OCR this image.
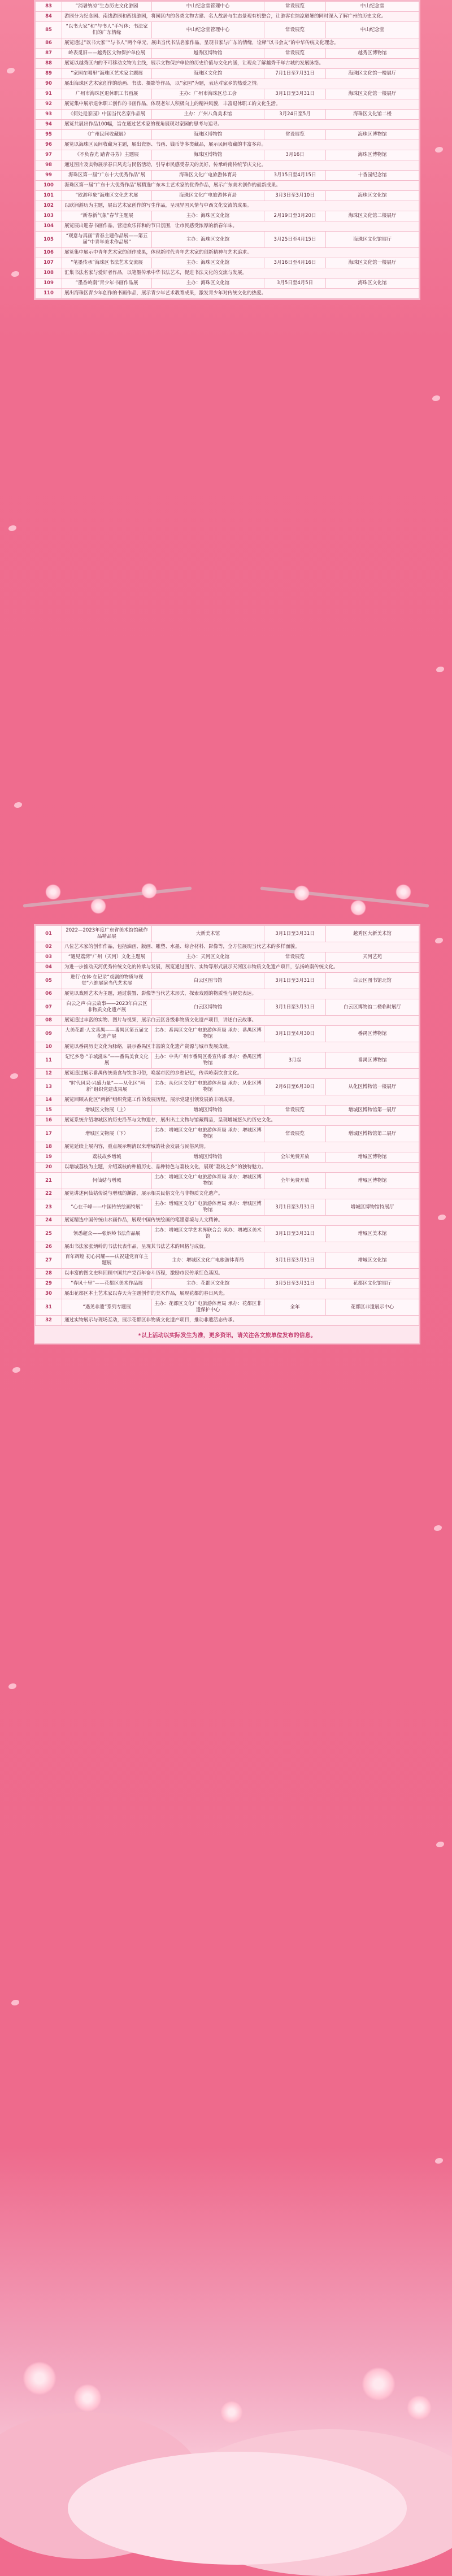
83	“消暑纳凉”生态历史文化游园	中山纪念堂管理中心	常设展览	中山纪念堂
84	游园分为纪念园、南线游园和西线游园，将园区内的各类文物古建、名人故居与生态景观有机整合，让游客在纳凉避暑的同时深入了解广州的历史文化。			
85	“以书大家”和“与书人”手写体：书法家们的广东情缘	中山纪念堂管理中心	常设展览	中山纪念堂
86	展览通过“以书大家”“与书人”两个单元，展出当代书法名家作品，呈现书家与广东的情缘，诠释“以书会友”的中华传统文化理念。			
87	岭表觅旧——越秀区文物保护单位展	越秀区博物馆	常设展览	越秀区博物馆
88	展览以越秀区内的不可移动文物为主线，展示文物保护单位的历史价值与文化内涵，让观众了解越秀千年古城的发展脉络。			
89	“家园在哪里”海珠区艺术家主题展	海珠区文化馆	7月1日至7月31日	海珠区文化馆一楼展厅
90	展出海珠区艺术家创作的绘画、书法、摄影等作品，以“家园”为题，表达对家乡的热爱之情。			
91	广州市海珠区退休职工书画展	主办：广州市海珠区总工会	3月1日至3月31日	海珠区文化馆一楼展厅
92	展览集中展示退休职工创作的书画作品，体现老年人积极向上的精神风貌，丰富退休职工的文化生活。			
93	《何处是家园》中国当代名家作品展	主办：广州八角美术馆	3月24日至5月	海珠区文化馆二楼
94	展览共展出作品100幅，旨在通过艺术家的视角展现对家园的思考与追寻。			
95	《广州民间收藏展》	海珠区博物馆	常设展览	海珠区博物馆
96	展览以海珠区民间收藏为主题，展出瓷器、书画、钱币等多类藏品，展示民间收藏的丰富多彩。			
97	《不负春光 踏青寻芳》主题展	海珠区博物馆	3月16日	海珠区博物馆
98	通过图片及实物展示春日风光与民俗活动，引导市民感受春天的美好，传承岭南传统节庆文化。			
99	海珠区第一届“广东十大优秀作品”展	海珠区文化广电旅游体育局	3月15日至4月15日	十香园纪念馆
100	海珠区第一届“广东十大优秀作品”展精选广东本土艺术家的优秀作品，展示广东美术创作的最新成果。			
101	“欧游印象”海珠区文化艺术展	海珠区文化广电旅游体育局	3月3日至3月10日	海珠区文化馆
102	以欧洲游历为主题，展出艺术家创作的写生作品，呈现异国风情与中西文化交流的成果。			
103	“新春新气象”春节主题展	主办：海珠区文化馆	2月19日至3月20日	海珠区文化馆二楼展厅
104	展览展出迎春书画作品，营造欢乐祥和的节日氛围，让市民感受浓厚的新春年味。			
105	“观意与真画”青春主题作品展——第五届“中青年美术作品展”	主办：海珠区文化馆	3月25日至4月15日	海珠区文化馆展厅
106	展览集中展示中青年艺术家的创作成果，体现新时代青年艺术家的创新精神与艺术追求。			
107	“笔墨传承”海珠区书法艺术交流展	主办：海珠区文化馆	3月16日至4月16日	海珠区文化馆一楼展厅
108	汇集书法名家与爱好者作品，以笔墨传承中华书法艺术，促进书法文化的交流与发展。			
109	“墨香岭南”青少年书画作品展	主办：海珠区文化馆	3月5日至4月5日	海珠区文化馆
110	展出海珠区青少年创作的书画作品，展示青少年艺术教育成果，激发青少年对传统文化的热爱。			
01	2022—2023年度广东省美术馆馆藏作品精品展	大新美术馆	3月1日至3月31日	越秀区大新美术馆
02	八位艺术家的创作作品，包括油画、版画、雕塑、水墨、综合材料、影像等，全方位展现当代艺术的多样面貌。			
03	“遇见荔湾”广州（天河）文化主题展	主办：天河区文化馆	常设展览	天河艺苑
04	为进一步推动天河优秀传统文化的传承与发展，展览通过图片、实物等形式展示天河区非物质文化遗产项目，弘扬岭南传统文化。			
05	进行·在体·在记录“戏剧的物质与视觉”六维展演当代艺术展	白云区图书馆	3月1日至3月31日	白云区图书馆北馆
06	展览以戏剧艺术为主题，通过装置、影像等当代艺术形式，探索戏剧的物质性与视觉表达。			
07	白云之声·白云故事——2023年白云区非物质文化遗产展	白云区博物馆	3月1日至3月31日	白云区博物馆二楼临时展厅
08	展览通过丰富的实物、图片与视频，展示白云区各级非物质文化遗产项目，讲述白云故事。			
09	大美花都·人文番禺——番禺区第五届文化遗产展	主办：番禺区文化广电旅游体育局 承办：番禺区博物馆	3月1日至4月30日	番禺区博物馆
10	展览以番禺历史文化为脉络，展示番禺区丰富的文化遗产资源与城市发展成就。			
11	记忆乡愁·“羊城滋味”——番禺美食文化展	主办：中共广州市番禺区委宣传部 承办：番禺区博物馆	3月起	番禺区博物馆
12	展览通过展示番禺传统美食与饮食习俗，唤起市民的乡愁记忆，传承岭南饮食文化。			
13	“时代风采·兴盛力量”——从化区“两新”组织党建成果展	主办：从化区文化广电旅游体育局 承办：从化区博物馆	2月6日至6月30日	从化区博物馆一楼展厅
14	展览回顾从化区“两新”组织党建工作的发展历程，展示党建引领发展的丰硕成果。			
15	增城区文物展（上）	增城区博物馆	常设展览	增城区博物馆第一展厅
16	展览系统介绍增城区的历史沿革与文物遗存，展出出土文物与馆藏精品，呈现增城悠久的历史文化。			
17	增城区文物展（下）	主办：增城区文化广电旅游体育局 承办：增城区博物馆	常设展览	增城区博物馆第二展厅
18	展览延续上展内容，重点展示明清以来增城的社会发展与民俗风情。			
19	荔枝故乡增城	增城区博物馆	全年免费开放	增城区博物馆
20	以增城荔枝为主题，介绍荔枝的种植历史、品种特色与荔枝文化，展现“荔枝之乡”的独特魅力。			
21	何仙姑与增城	主办：增城区文化广电旅游体育局 承办：增城区博物馆	全年免费开放	增城区博物馆
22	展览讲述何仙姑传说与增城的渊源，展示相关民俗文化与非物质文化遗产。			
23	“心在千峰——中国传统绘画特展”	主办：增城区文化广电旅游体育局 承办：增城区博物馆	3月1日至3月31日	增城区博物馆特展厅
24	展览精选中国传统山水画作品，展现中国传统绘画的笔墨意境与人文精神。			
25	领悉超众——张炳岭书法作品展	主办：增城区文学艺术界联合会 承办：增城区美术馆	3月1日至3月31日	增城区美术馆
26	展出书法家张炳岭的书法代表作品，呈现其书法艺术的风格与成就。			
27	百年辉煌 初心闪耀——庆祝建党百年主题展	主办：增城区文化广电旅游体育局	3月1日至3月31日	增城区文化馆
28	以丰富的图文史料回顾中国共产党百年奋斗历程，激励市民传承红色基因。			
29	“春风十里”——花都区美术作品展	主办：花都区文化馆	3月5日至3月31日	花都区文化馆展厅
30	展出花都区本土艺术家以春天为主题创作的美术作品，展现花都的春日风光。			
31	“遇见非遗”系列专题展	主办：花都区文化广电旅游体育局 承办：花都区非遗保护中心	全年	花都区非遗展示中心
32	通过实物展示与现场互动，展示花都区非物质文化遗产项目，推动非遗活态传承。			
*以上活动以实际发生为准，更多资讯，请关注各文旅单位发布的信息。
